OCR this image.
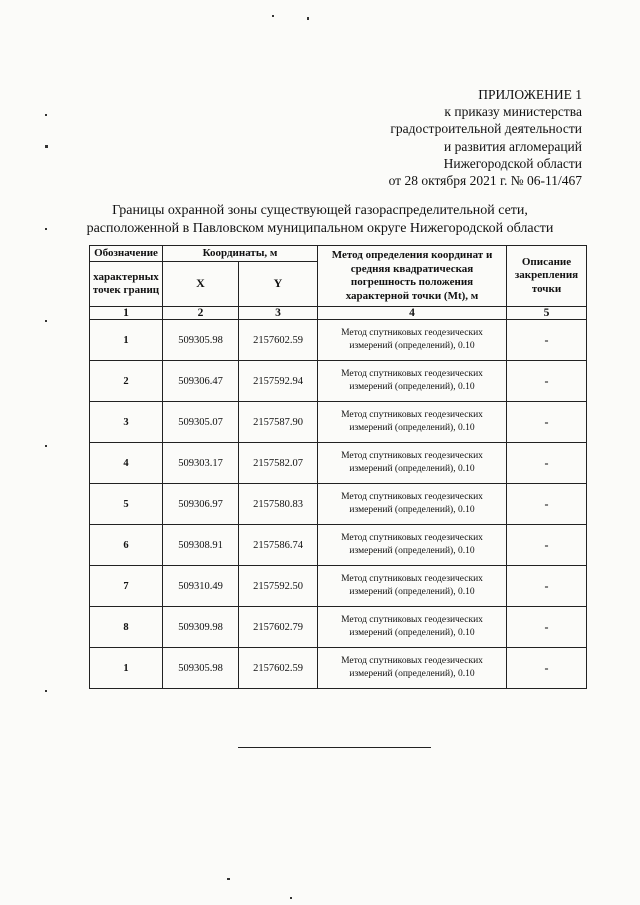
ПРИЛОЖЕНИЕ 1
к приказу министерства
градостроительной деятельности
и развития агломераций
Нижегородской области
от 28 октября 2021 г. № 06-11/467
Границы охранной зоны существующей газораспределительной сети,
расположенной в Павловском муниципальном округе Нижегородской области
Обозначение	Координаты, м		Метод определения координат и средняя квадратическая погрешность положения характерной точки (Mt), м	Описание закрепления точки
характерных точек границ	X	Y		
1	2	3	4	5
1	509305.98	2157602.59	Метод спутниковых геодезических измерений (определений), 0.10	-
2	509306.47	2157592.94	Метод спутниковых геодезических измерений (определений), 0.10	-
3	509305.07	2157587.90	Метод спутниковых геодезических измерений (определений), 0.10	-
4	509303.17	2157582.07	Метод спутниковых геодезических измерений (определений), 0.10	-
5	509306.97	2157580.83	Метод спутниковых геодезических измерений (определений), 0.10	-
6	509308.91	2157586.74	Метод спутниковых геодезических измерений (определений), 0.10	-
7	509310.49	2157592.50	Метод спутниковых геодезических измерений (определений), 0.10	-
8	509309.98	2157602.79	Метод спутниковых геодезических измерений (определений), 0.10	-
1	509305.98	2157602.59	Метод спутниковых геодезических измерений (определений), 0.10	-
